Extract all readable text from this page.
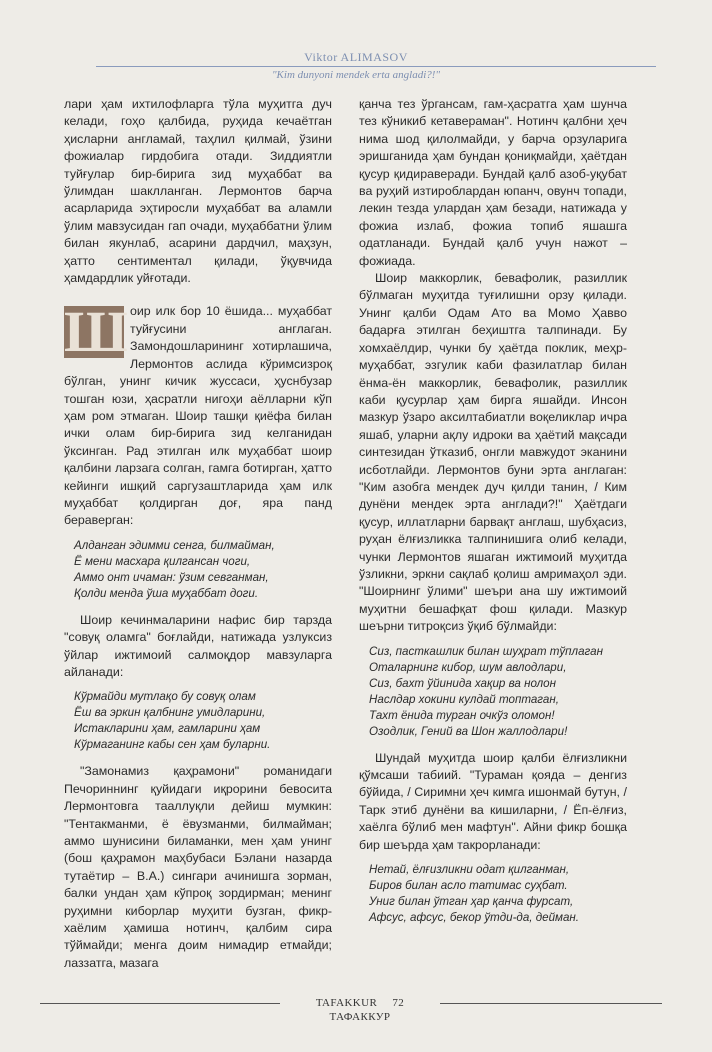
Viktor ALIMASOV
"Kim dunyoni mendek erta angladi?!"

лари ҳам ихтилофларга тўла муҳитга дуч келади, гоҳо қалбида, руҳида кечаётган ҳисларни англамай, таҳлил қилмай, ўзини фожиалар гирдобига отади. Зиддиятли туйғулар бир-бирига зид муҳаббат ва ўлимдан шаклланган. Лермонтов барча асарларида эҳтиросли муҳаббат ва аламли ўлим мавзусидан гап очади, муҳаббатни ўлим билан якунлаб, асарини дардчил, маҳзун, ҳатто сентиментал қилади, ўқувчида ҳамдардлик уйғотади.

Ш оир илк бор 10 ёшида... муҳаббат туйғусини англаган. Замондошларининг хотирлашича, Лермонтов аслида кўримсизроқ бўлган, унинг кичик жуссаси, ҳуснбузар тошган юзи, ҳасратли нигоҳи аёлларни кўп ҳам ром этмаган. Шоир ташқи қиёфа билан ички олам бир-бирига зид келганидан ўксинган. Рад этилган илк муҳаббат шоир қалбини ларзага солган, гамга ботирган, ҳатто кейинги ишқий саргузаштларида ҳам илк муҳаббат қолдирган доғ, яра панд берaверган:

Алданган эдимми сенга, билмайман,
Ё мени масхара қилгансан чоги,
Аммо онт ичаман: ўзим севганман,
Қолди менда ўша муҳаббат доги.

Шоир кечинмаларини нафис бир тарзда "совуқ оламга" боғлайди, натижада узлуксиз ўйлар ижтимоий салмоқдор мавзуларга айланади:

Кўрмайди мутлақо бу совуқ олам
Ёш ва эркин қалбнинг умидларини,
Истакларини ҳам, гамларини ҳам
Кўрмаганинг кабы сен ҳам буларни.

"Замонамиз қаҳрамони" романидаги Печориннинг қуйидаги иқрорини бевосита Лермонтовга тааллуқли дейиш мумкин: "Тентакманми, ё ёвузманми, билмайман; аммо шунисини биламанки, мен ҳам унинг (бош қаҳрамон маҳбубаси Бэлани назарда тутаётир – В.А.) сингари ачинишга зорман, балки ундан ҳам кўпроқ зордирман; менинг руҳимни киборлар муҳити бузган, фикр-хаёлим ҳамиша нотинч, қалбим сира тўймайди; менга доим нимадир етмайди; лаззатга, мазага

қанча тез ўргансам, гам-ҳасратга ҳам шунча тез кўникиб кетаверaман". Нотинч қалбни ҳеч нима шод қилолмайди, у барча орзуларига эришганида ҳам бундан қониқмайди, ҳаётдан қусур қидираверади. Бундай қалб азоб-уқубат ва руҳий изтироблардан юпанч, овунч топади, лекин тезда улардан ҳам безади, натижада у фожиа излаб, фожиа топиб яшашга одатланади. Бундай қалб учун нажот – фожиада.

Шоир маккорлик, бевафолик, разиллик бўлмаган муҳитда туғилишни орзу қилади. Унинг қалби Одам Ато ва Момо Ҳавво бадарға этилган беҳиштга талпинади. Бу хомхаёлдир, чунки бу ҳаётда поклик, меҳр-муҳаббат, эзгулик каби фазилатлар билан ёнма-ён маккорлик, бевафолик, разиллик каби қусурлар ҳам бирга яшайди. Инсон мазкур ўзаро аксилтабиатли воқеликлар ичра яшаб, уларни ақлу идроки ва ҳаётий мақсади синтезидан ўтказиб, онгли мавжудот эканини исботлайди. Лермонтов буни эрта англаган: "Ким азобга мендек дуч қилди танин, / Ким дунёни мендек эрта англади?!" Ҳаётдаги қусур, иллатларни барвақт англаш, шубҳасиз, руҳан ёлғизликка талпинишига олиб келади, чунки Лермонтов яшаган ижтимоий муҳитда ўзликни, эркни сақлаб қолиш амримаҳол эди. "Шоирнинг ўлими" шеъри ана шу ижтимоий муҳитни бешафқат фош қилади. Мазкур шеърни титроқсиз ўқиб бўлмайди:

Сиз, пасткашлик билан шуҳрат тўплаган
Оталарнинг кибор, шум авлодлари,
Сиз, бахт ўйинида хақир ва нолон
Наслдар хокини кулдай топтаган,
Тахт ёнида турган очкўз оломон!
Озодлик, Гений ва Шон жаллодлари!

Шундай муҳитда шоир қалби ёлғизликни қўмсаши табиий. "Тураман қояда – денгиз бўйида, / Сиримни ҳеч кимга ишонмай бутун, / Тарк этиб дунёни ва кишиларни, / Ёп-ёлғиз, хаёлга бўлиб мен мафтун". Айни фикр бошқа бир шеърда ҳам такрорланади:

Нетай, ёлғизликни одат қилганман,
Биров билан асло татимас суҳбат.
Униг билан ўтган ҳар қанча фурсат,
Афсус, афсус, бекор ўтди-да, дейман.
TAFAKKUR 72 ТАФАККУР
